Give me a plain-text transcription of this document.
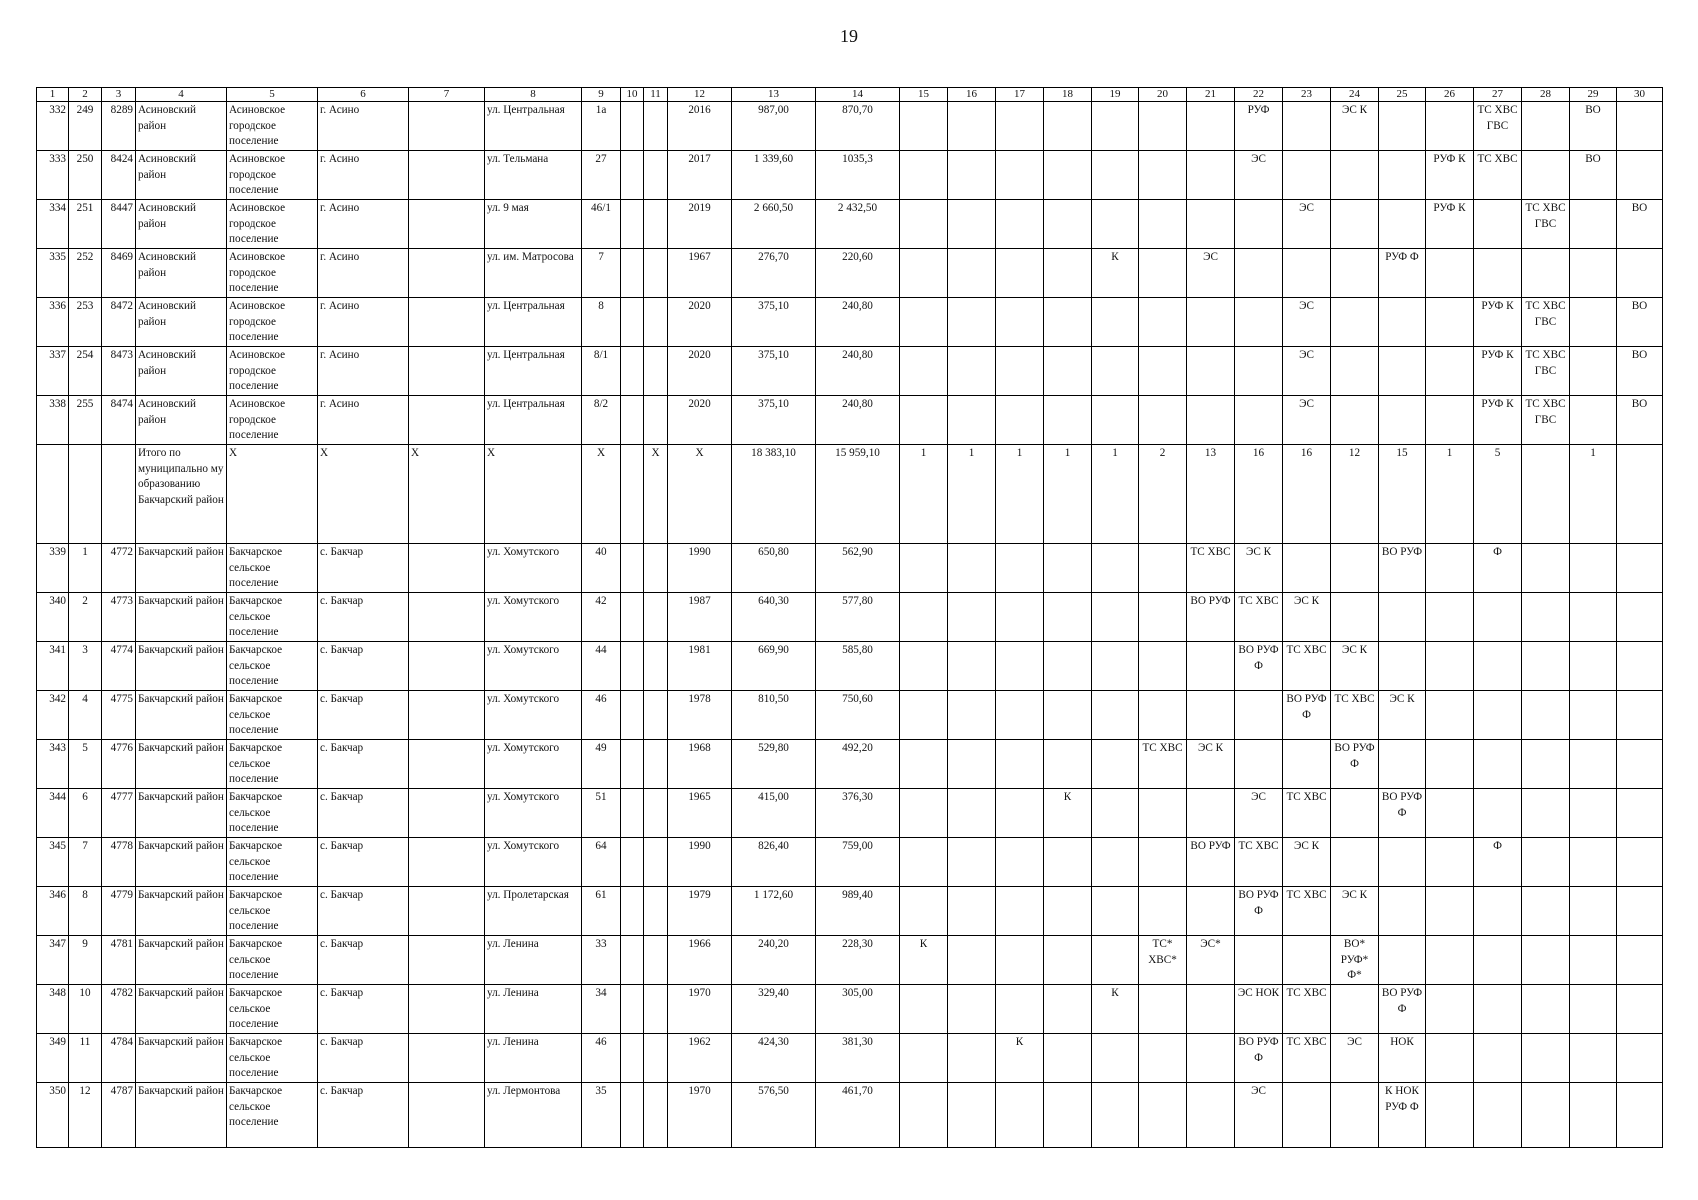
19
1	2	3	4	5	6	7	8	9	10	11	12	13	14	15	16	17	18	19	20	21	22	23	24	25	26	27	28	29	30
332	249	8289	Асиновский район	Асиновское городское поселение	г. Асино		ул. Центральная	1а			2016	987,00	870,70								РУФ		ЭС К			ТС ХВС ГВС		ВО	
333	250	8424	Асиновский район	Асиновское городское поселение	г. Асино		ул. Тельмана	27			2017	1 339,60	1035,3								ЭС				РУФ К	ТС ХВС		ВО	
334	251	8447	Асиновский район	Асиновское городское поселение	г. Асино		ул. 9 мая	46/1			2019	2 660,50	2 432,50									ЭС			РУФ К		ТС ХВС ГВС		ВО
335	252	8469	Асиновский район	Асиновское городское поселение	г. Асино		ул. им. Матросова	7			1967	276,70	220,60					К		ЭС				РУФ Ф					
336	253	8472	Асиновский район	Асиновское городское поселение	г. Асино		ул. Центральная	8			2020	375,10	240,80									ЭС				РУФ К	ТС ХВС ГВС		ВО
337	254	8473	Асиновский район	Асиновское городское поселение	г. Асино		ул. Центральная	8/1			2020	375,10	240,80									ЭС				РУФ К	ТС ХВС ГВС		ВО
338	255	8474	Асиновский район	Асиновское городское поселение	г. Асино		ул. Центральная	8/2			2020	375,10	240,80									ЭС				РУФ К	ТС ХВС ГВС		ВО
			Итого по муниципально му образованию Бакчарский район	Х	Х	Х	Х	Х		Х	Х	18 383,10	15 959,10	1	1	1	1	1	2	13	16	16	12	15	1	5		1	
339	1	4772	Бакчарский район	Бакчарское сельское поселение	с. Бакчар		ул. Хомутского	40			1990	650,80	562,90							ТС ХВС	ЭС К			ВО РУФ		Ф			
340	2	4773	Бакчарский район	Бакчарское сельское поселение	с. Бакчар		ул. Хомутского	42			1987	640,30	577,80							ВО РУФ	ТС ХВС	ЭС К							
341	3	4774	Бакчарский район	Бакчарское сельское поселение	с. Бакчар		ул. Хомутского	44			1981	669,90	585,80								ВО РУФ Ф	ТС ХВС	ЭС К						
342	4	4775	Бакчарский район	Бакчарское сельское поселение	с. Бакчар		ул. Хомутского	46			1978	810,50	750,60									ВО РУФ Ф	ТС ХВС	ЭС К					
343	5	4776	Бакчарский район	Бакчарское сельское поселение	с. Бакчар		ул. Хомутского	49			1968	529,80	492,20						ТС ХВС	ЭС К			ВО РУФ Ф						
344	6	4777	Бакчарский район	Бакчарское сельское поселение	с. Бакчар		ул. Хомутского	51			1965	415,00	376,30				К				ЭС	ТС ХВС		ВО РУФ Ф					
345	7	4778	Бакчарский район	Бакчарское сельское поселение	с. Бакчар		ул. Хомутского	64			1990	826,40	759,00							ВО РУФ	ТС ХВС	ЭС К				Ф			
346	8	4779	Бакчарский район	Бакчарское сельское поселение	с. Бакчар		ул. Пролетарская	61			1979	1 172,60	989,40								ВО РУФ Ф	ТС ХВС	ЭС К						
347	9	4781	Бакчарский район	Бакчарское сельское поселение	с. Бакчар		ул. Ленина	33			1966	240,20	228,30	К					ТС* ХВС*	ЭС*			ВО* РУФ* Ф*						
348	10	4782	Бакчарский район	Бакчарское сельское поселение	с. Бакчар		ул. Ленина	34			1970	329,40	305,00					К			ЭС НОК	ТС ХВС		ВО РУФ Ф					
349	11	4784	Бакчарский район	Бакчарское сельское поселение	с. Бакчар		ул. Ленина	46			1962	424,30	381,30			К					ВО РУФ Ф	ТС ХВС	ЭС	НОК					
350	12	4787	Бакчарский район	Бакчарское сельское поселение	с. Бакчар		ул. Лермонтова	35			1970	576,50	461,70								ЭС			К НОК РУФ Ф					
